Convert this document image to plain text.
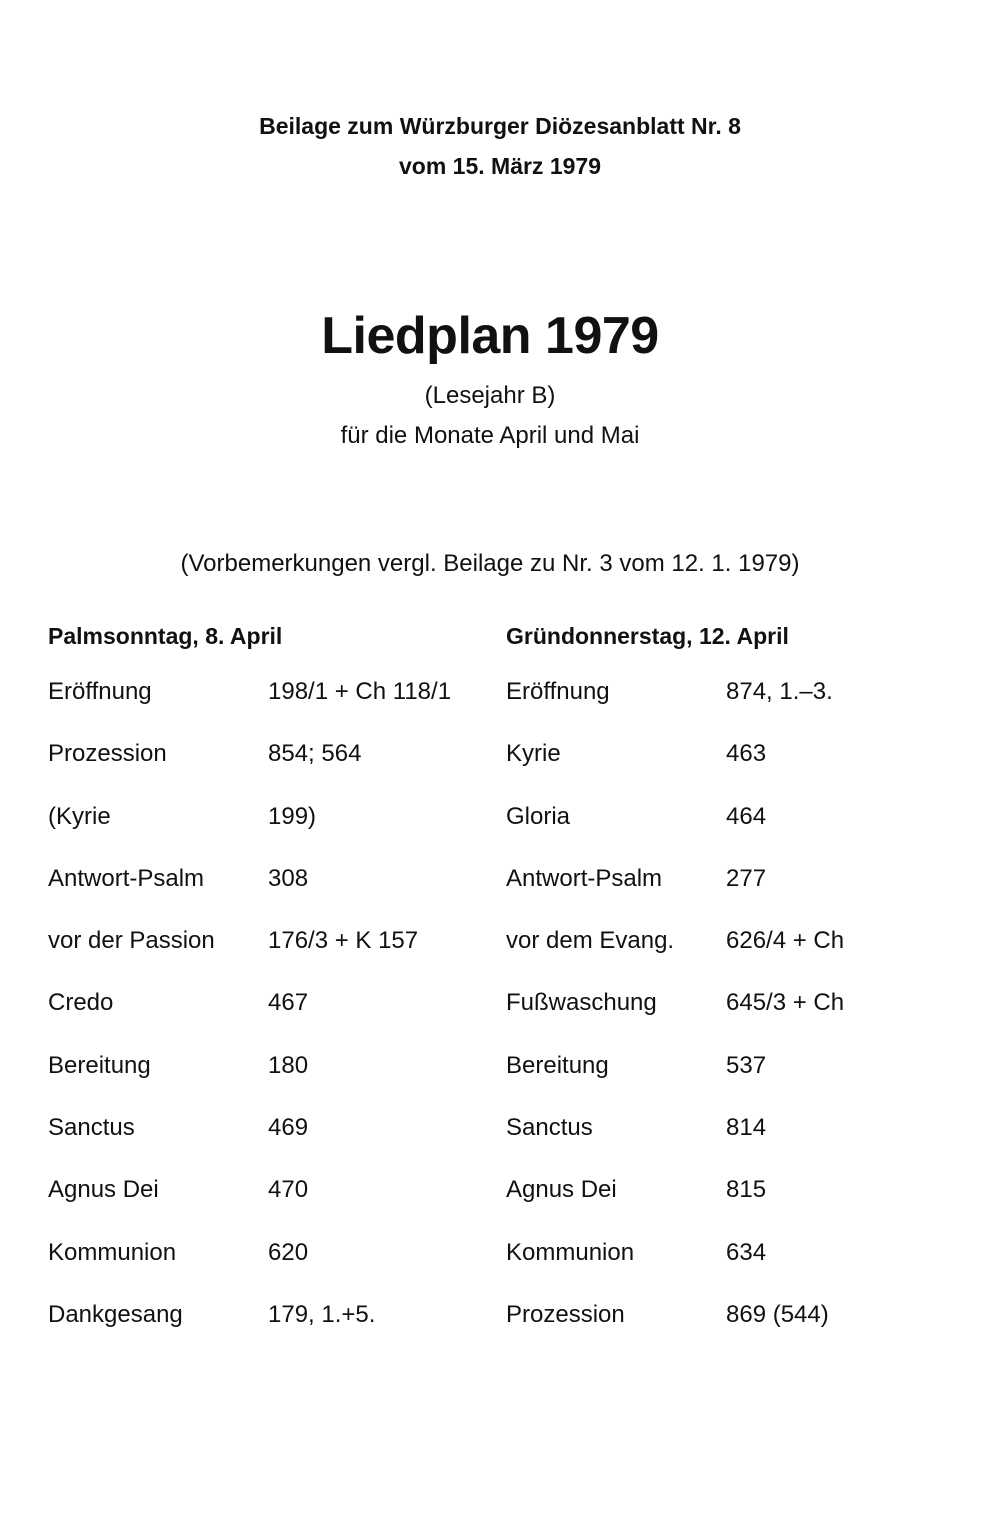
Beilage zum Würzburger Diözesanblatt Nr. 8
vom 15. März 1979
Liedplan 1979
(Lesejahr B)
für die Monate April und Mai
(Vorbemerkungen vergl. Beilage zu Nr. 3 vom 12. 1. 1979)
Palmsonntag, 8. April
Eröffnung	198/1 + Ch 118/1
Prozession	854; 564
(Kyrie	199)
Antwort-Psalm	308
vor der Passion 176/3 + K 157
Credo	467
Bereitung	180
Sanctus	469
Agnus Dei	470
Kommunion	620
Dankgesang	179, 1.+5.
Gründonnerstag, 12. April
Eröffnung	874, 1.–3.
Kyrie	463
Gloria	464
Antwort-Psalm	277
vor dem Evang. 626/4 + Ch
Fußwaschung	645/3 + Ch
Bereitung	537
Sanctus	814
Agnus Dei	815
Kommunion	634
Prozession	869 (544)
